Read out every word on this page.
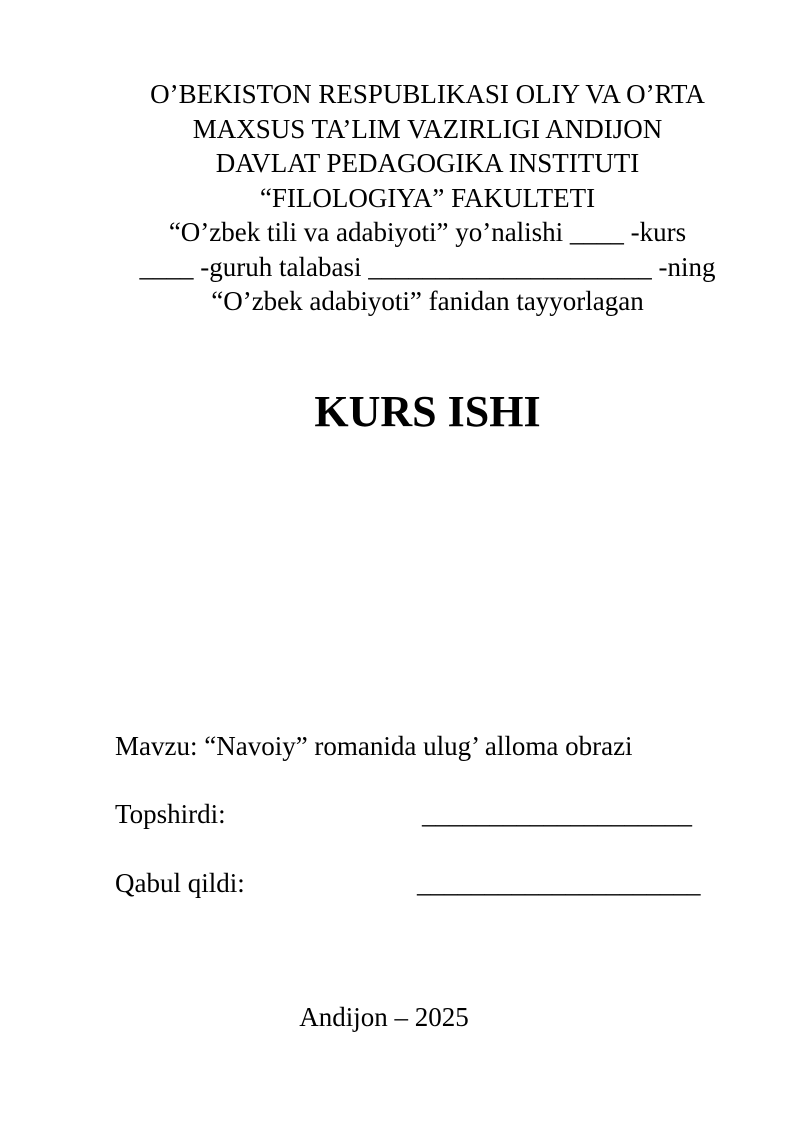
O’BEKISTON RESPUBLIKASI OLIY VA O’RTA
MAXSUS TA’LIM VAZIRLIGI ANDIJON
DAVLAT PEDAGOGIKA INSTITUTI
“FILOLOGIYA” FAKULTETI
“O’zbek tili va adabiyoti” yo’nalishi ____ -kurs
____ -guruh talabasi _____________________ -ning
“O’zbek adabiyoti” fanidan tayyorlagan
KURS ISHI
Mavzu: “Navoiy” romanida ulug’ alloma obrazi
Topshirdi:	____________________
Qabul qildi:	_____________________
Andijon – 2025
